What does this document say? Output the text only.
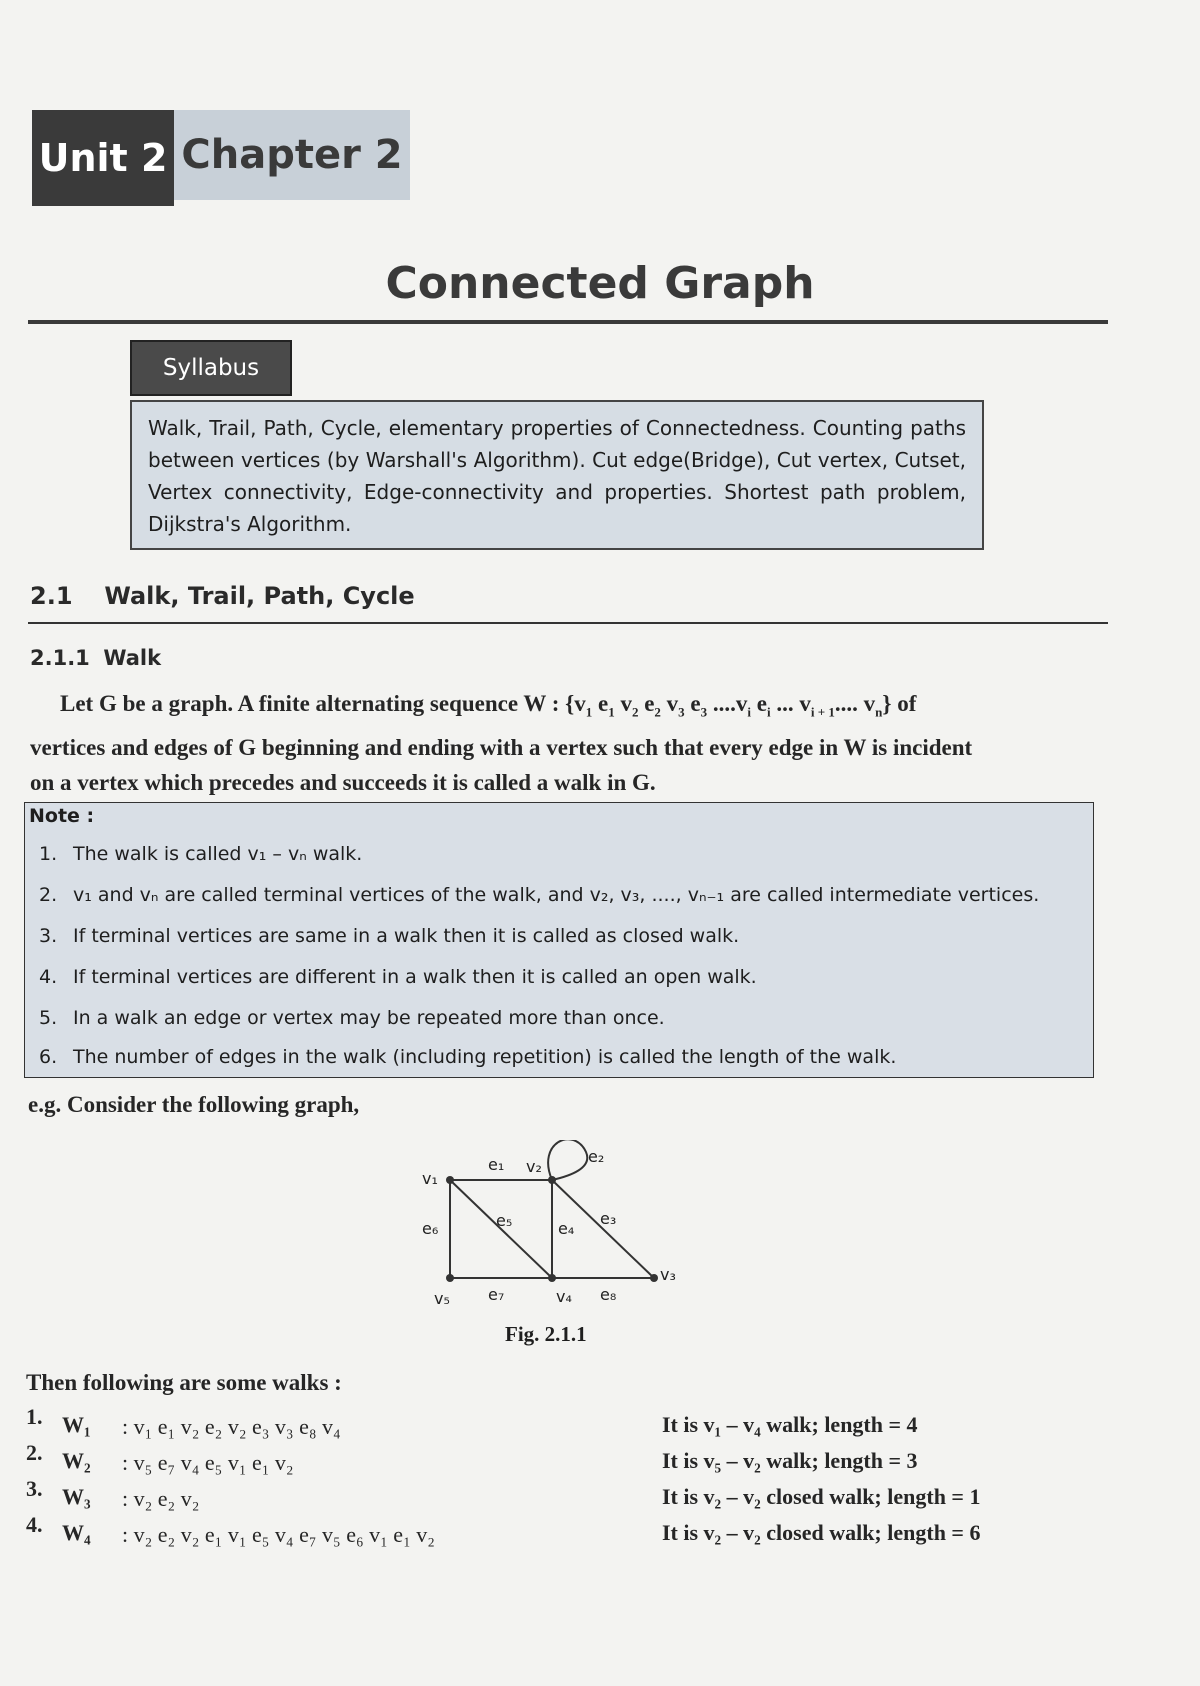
Unit 2 Chapter 2
Connected Graph
Syllabus
Walk, Trail, Path, Cycle, elementary properties of Connectedness. Counting paths between vertices (by Warshall's Algorithm). Cut edge(Bridge), Cut vertex, Cutset, Vertex connectivity, Edge-connectivity and properties. Shortest path problem, Dijkstra's Algorithm.
2.1 Walk, Trail, Path, Cycle
2.1.1 Walk
Let G be a graph. A finite alternating sequence W : {$v_1$ $e_1$ $v_2$ $e_2$ $v_3$ $e_3$ $....v_i$ $e_i$ ... $v_{i + 1}$.... $v_n$} of
vertices and edges of G beginning and ending with a vertex such that every edge in W is incident
on a vertex which precedes and succeeds it is called a walk in G.
Note :
1. The walk is called v₁ – vₙ walk.
2. v₁ and vₙ are called terminal vertices of the walk, and v₂, v₃, ...., vₙ₋₁ are called intermediate vertices.
3. If terminal vertices are same in a walk then it is called as closed walk.
4. If terminal vertices are different in a walk then it is called an open walk.
5. In a walk an edge or vertex may be repeated more than once.
6. The number of edges in the walk (including repetition) is called the length of the walk.
e.g. Consider the following graph,
v₁
v₂
v₃
v₄
v₅
e₁	e₂
e₃
e₄
e₅
e₆
e₇	e₈
Fig. 2.1.1
Then following are some walks :
1. W₁ : v₁ e₁ v₂ e₂ v₂ e₃ v₃ e₈ v₄	It is v₁ – v₄ walk; length = 4
2. W₂ : v₅ e₇ v₄ e₅ v₁ e₁ v₂	It is v₅ – v₂ walk; length = 3
3. W₃ : v₂ e₂ v₂	It is v₂ – v₂ closed walk; length = 1
4. W₄ : v₂ e₂ v₂ e₁ v₁ e₅ v₄ e₇ v₅ e₆ v₁ e₁ v₂	It is v₂ – v₂ closed walk; length = 6
